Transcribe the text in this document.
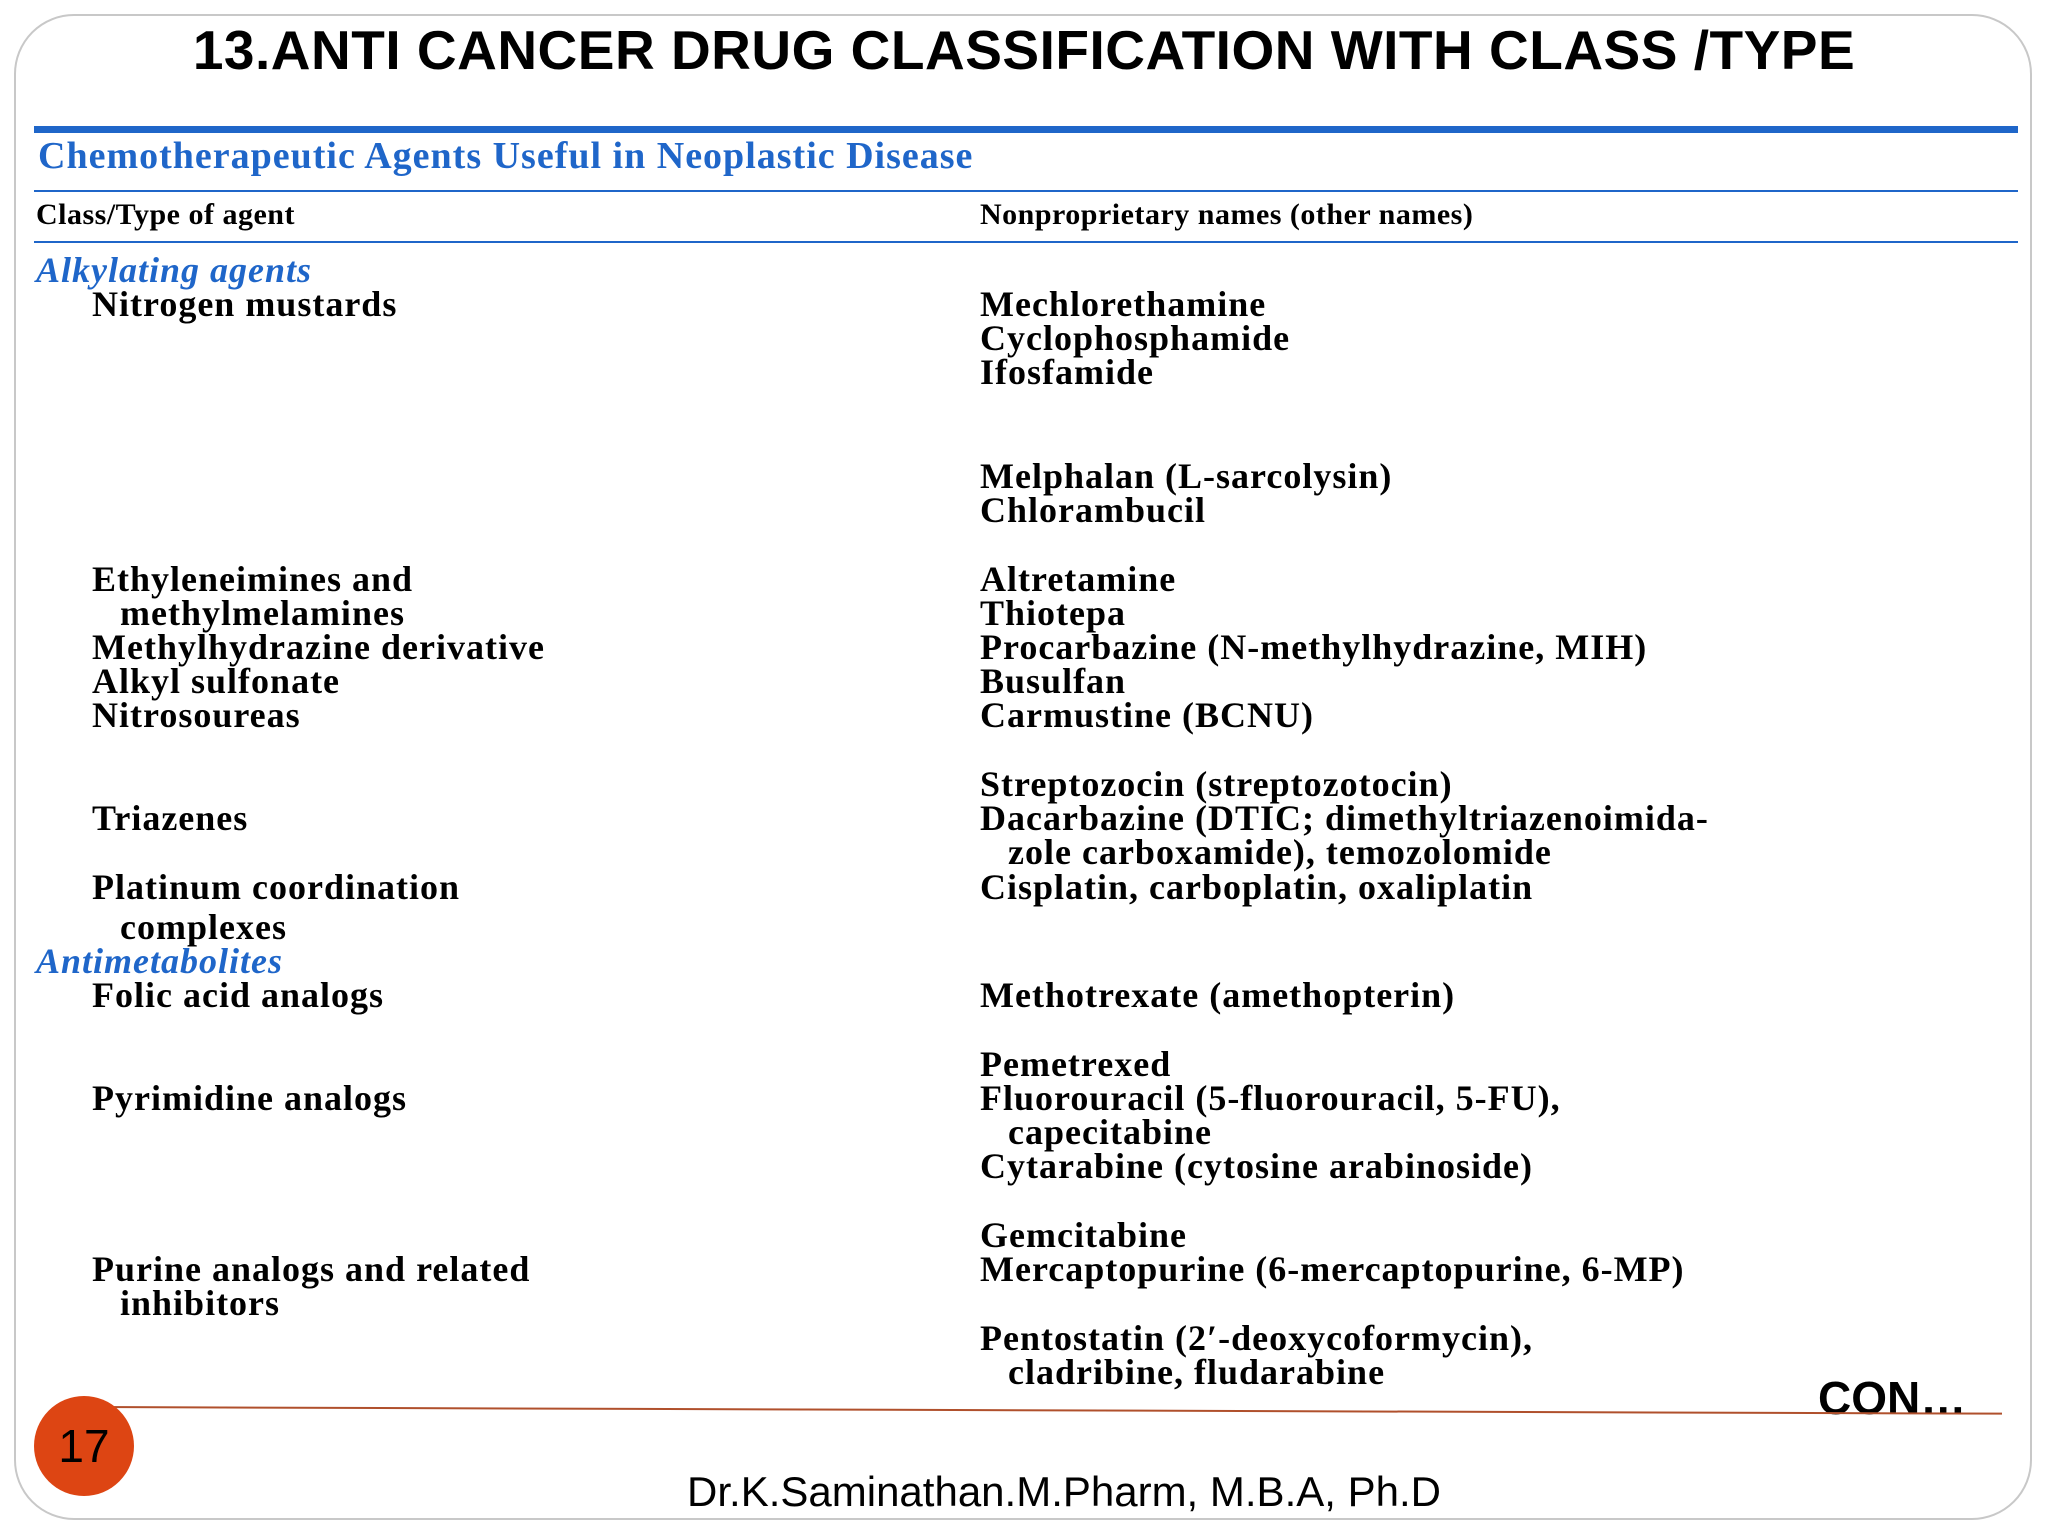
13.ANTI CANCER DRUG CLASSIFICATION WITH CLASS /TYPE
Chemotherapeutic Agents Useful in Neoplastic Disease
Class/Type of agent	Nonproprietary names (other names)
Alkylating agents
Nitrogen mustards
Ethyleneimines and
methylmelamines
Methylhydrazine derivative
Alkyl sulfonate
Nitrosoureas
Triazenes
Platinum coordination
complexes
Antimetabolites
Folic acid analogs
Pyrimidine analogs
Purine analogs and related
inhibitors
Mechlorethamine
Cyclophosphamide
Ifosfamide
Melphalan (L-sarcolysin)
Chlorambucil
Altretamine
Thiotepa
Procarbazine (N-methylhydrazine, MIH)
Busulfan
Carmustine (BCNU)
Streptozocin (streptozotocin)
Dacarbazine (DTIC; dimethyltriazenoimida-
zole carboxamide), temozolomide
Cisplatin, carboplatin, oxaliplatin
Methotrexate (amethopterin)
Pemetrexed
Fluorouracil (5-fluorouracil, 5-FU),
capecitabine
Cytarabine (cytosine arabinoside)
Gemcitabine
Mercaptopurine (6-mercaptopurine, 6-MP)
Pentostatin (2′-deoxycoformycin),
cladribine, fludarabine	CON…
17
Dr.K.Saminathan.M.Pharm, M.B.A, Ph.D
